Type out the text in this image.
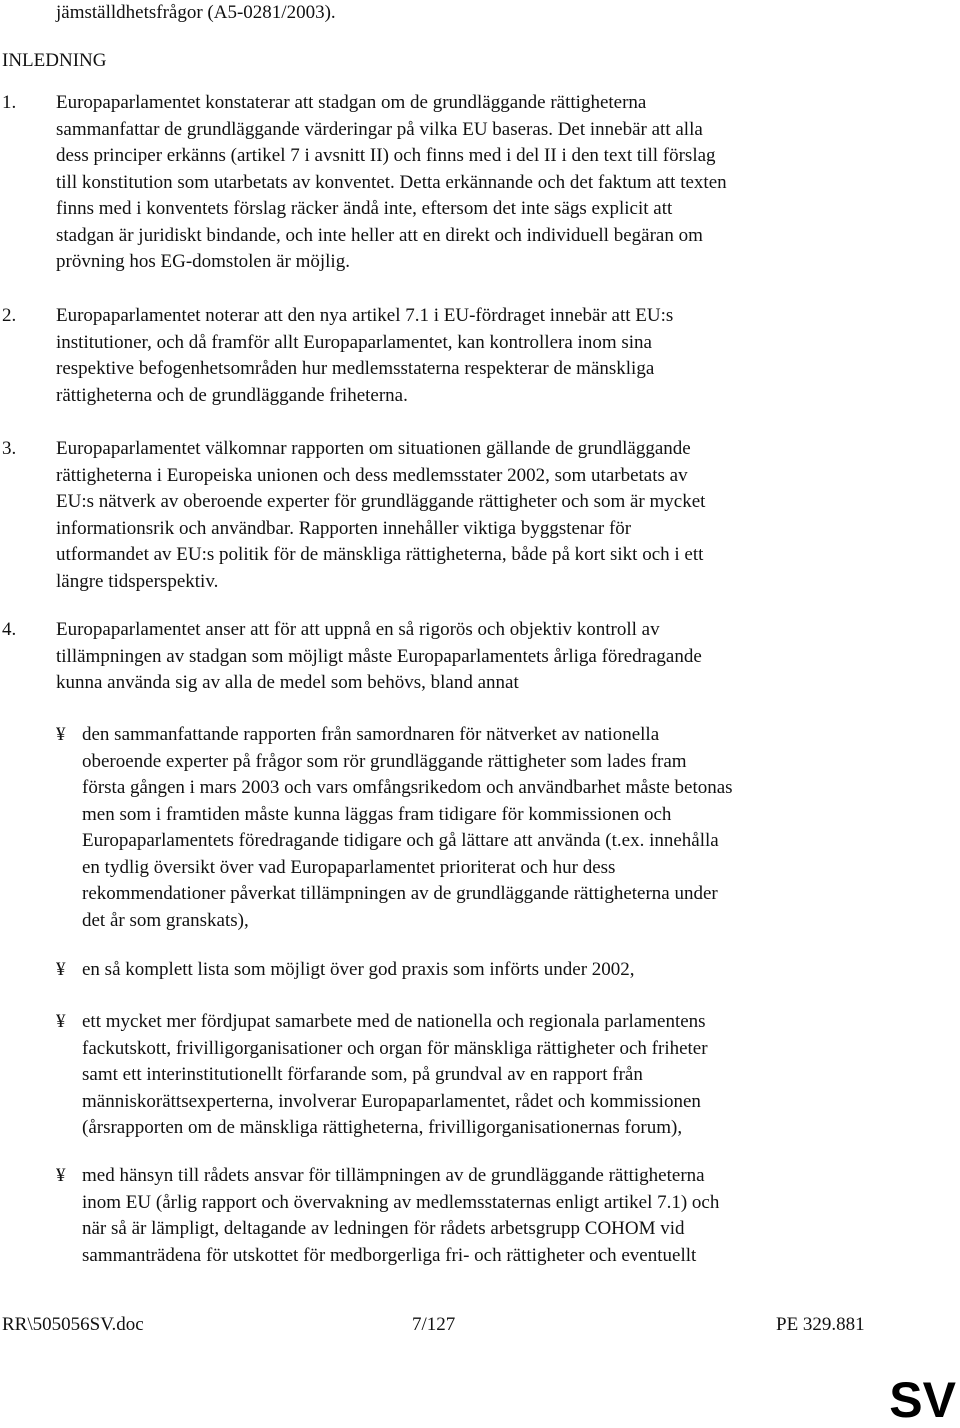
jämställdhetsfrågor (A5-0281/2003).
INLEDNING
1. Europaparlamentet konstaterar att stadgan om de grundläggande rättigheterna
sammanfattar de grundläggande värderingar på vilka EU baseras. Det innebär att alla
dess principer erkänns (artikel 7 i avsnitt II) och finns med i del II i den text till förslag
till konstitution som utarbetats av konventet. Detta erkännande och det faktum att texten
finns med i konventets förslag räcker ändå inte, eftersom det inte sägs explicit att
stadgan är juridiskt bindande, och inte heller att en direkt och individuell begäran om
prövning hos EG-domstolen är möjlig.
2. Europaparlamentet noterar att den nya artikel 7.1 i EU-fördraget innebär att EU:s
institutioner, och då framför allt Europaparlamentet, kan kontrollera inom sina
respektive befogenhetsområden hur medlemsstaterna respekterar de mänskliga
rättigheterna och de grundläggande friheterna.
3. Europaparlamentet välkomnar rapporten om situationen gällande de grundläggande
rättigheterna i Europeiska unionen och dess medlemsstater 2002, som utarbetats av
EU:s nätverk av oberoende experter för grundläggande rättigheter och som är mycket
informationsrik och användbar. Rapporten innehåller viktiga byggstenar för
utformandet av EU:s politik för de mänskliga rättigheterna, både på kort sikt och i ett
längre tidsperspektiv.
4. Europaparlamentet anser att för att uppnå en så rigorös och objektiv kontroll av
tillämpningen av stadgan som möjligt måste Europaparlamentets årliga föredragande
kunna använda sig av alla de medel som behövs, bland annat
¥ den sammanfattande rapporten från samordnaren för nätverket av nationella
oberoende experter på frågor som rör grundläggande rättigheter som lades fram
första gången i mars 2003 och vars omfångsrikedom och användbarhet måste betonas
men som i framtiden måste kunna läggas fram tidigare för kommissionen och
Europaparlamentets föredragande tidigare och gå lättare att använda (t.ex. innehålla
en tydlig översikt över vad Europaparlamentet prioriterat och hur dess
rekommendationer påverkat tillämpningen av de grundläggande rättigheterna under
det år som granskats),
¥ en så komplett lista som möjligt över god praxis som införts under 2002,
¥ ett mycket mer fördjupat samarbete med de nationella och regionala parlamentens
fackutskott, frivilligorganisationer och organ för mänskliga rättigheter och friheter
samt ett interinstitutionellt förfarande som, på grundval av en rapport från
människorättsexperterna, involverar Europaparlamentet, rådet och kommissionen
(årsrapporten om de mänskliga rättigheterna, frivilligorganisationernas forum),
¥ med hänsyn till rådets ansvar för tillämpningen av de grundläggande rättigheterna
inom EU (årlig rapport och övervakning av medlemsstaternas enligt artikel 7.1) och
när så är lämpligt, deltagande av ledningen för rådets arbetsgrupp COHOM vid
sammanträdena för utskottet för medborgerliga fri- och rättigheter och eventuellt
RR\505056SV.doc	7/127	PE 329.881
SV
